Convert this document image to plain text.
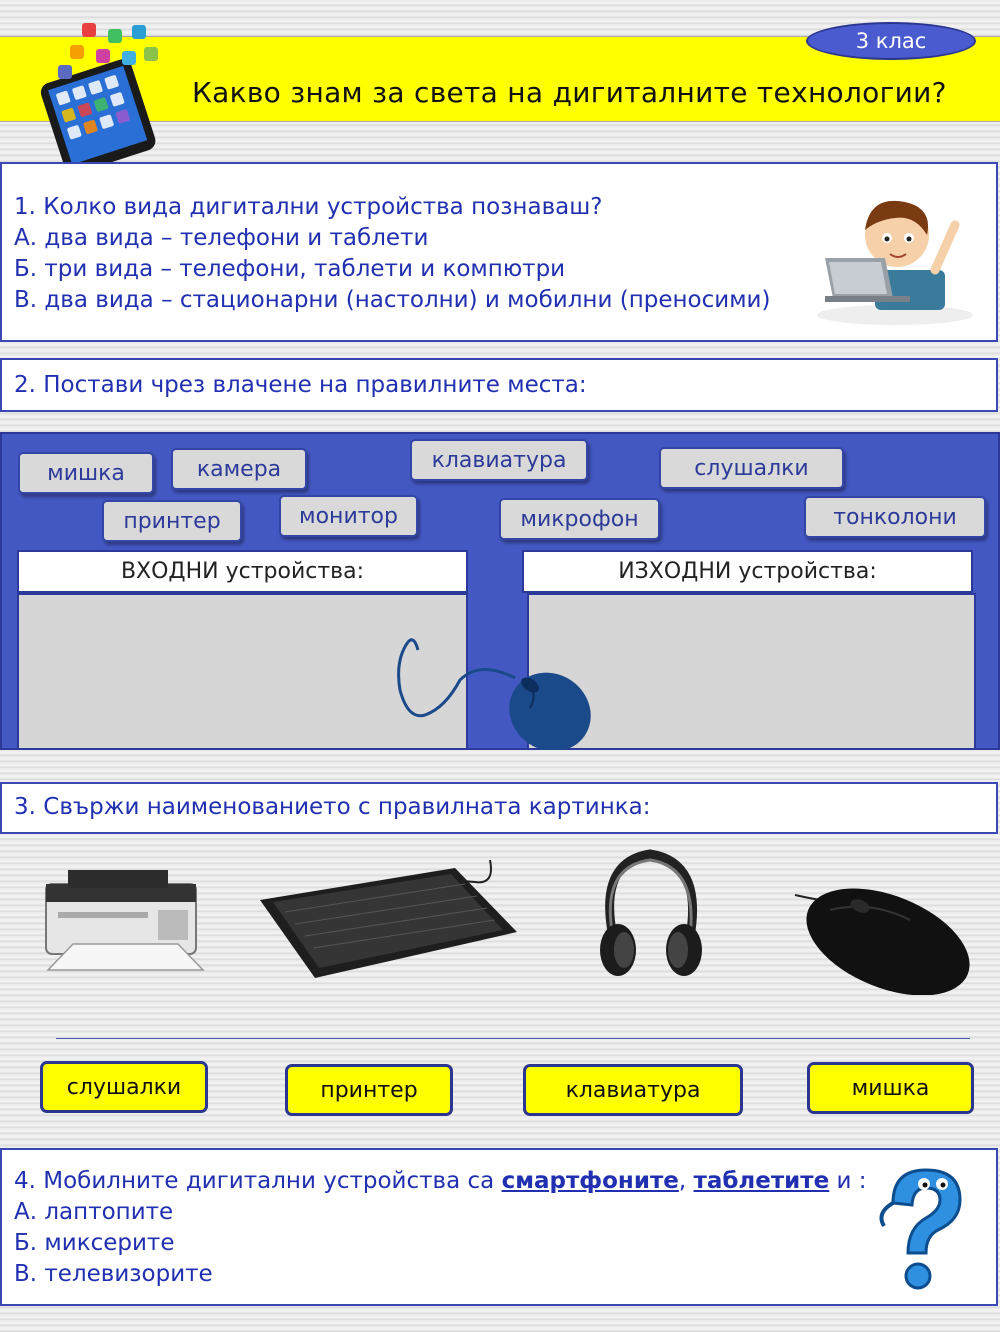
Какво знам за света на дигиталните технологии?
3 клас
1. Колко вида дигитални устройства познаваш?
А. два вида – телефони и таблети
Б. три вида – телефони, таблети и компютри
В. два вида – стационарни (настолни) и мобилни (преносими)
2. Постави чрез влачене на правилните места:
мишка	камера	клавиатура	слушалки
принтер	монитор	микрофон	тонколони
ВХОДНИ устройства:	ИЗХОДНИ устройства:
3. Свържи наименованието с правилната картинка:
слушалки	принтер	клавиатура	мишка
4. Мобилните дигитални устройства са смартфоните, таблетите и :
А. лаптопите
Б. миксерите
В. телевизорите
